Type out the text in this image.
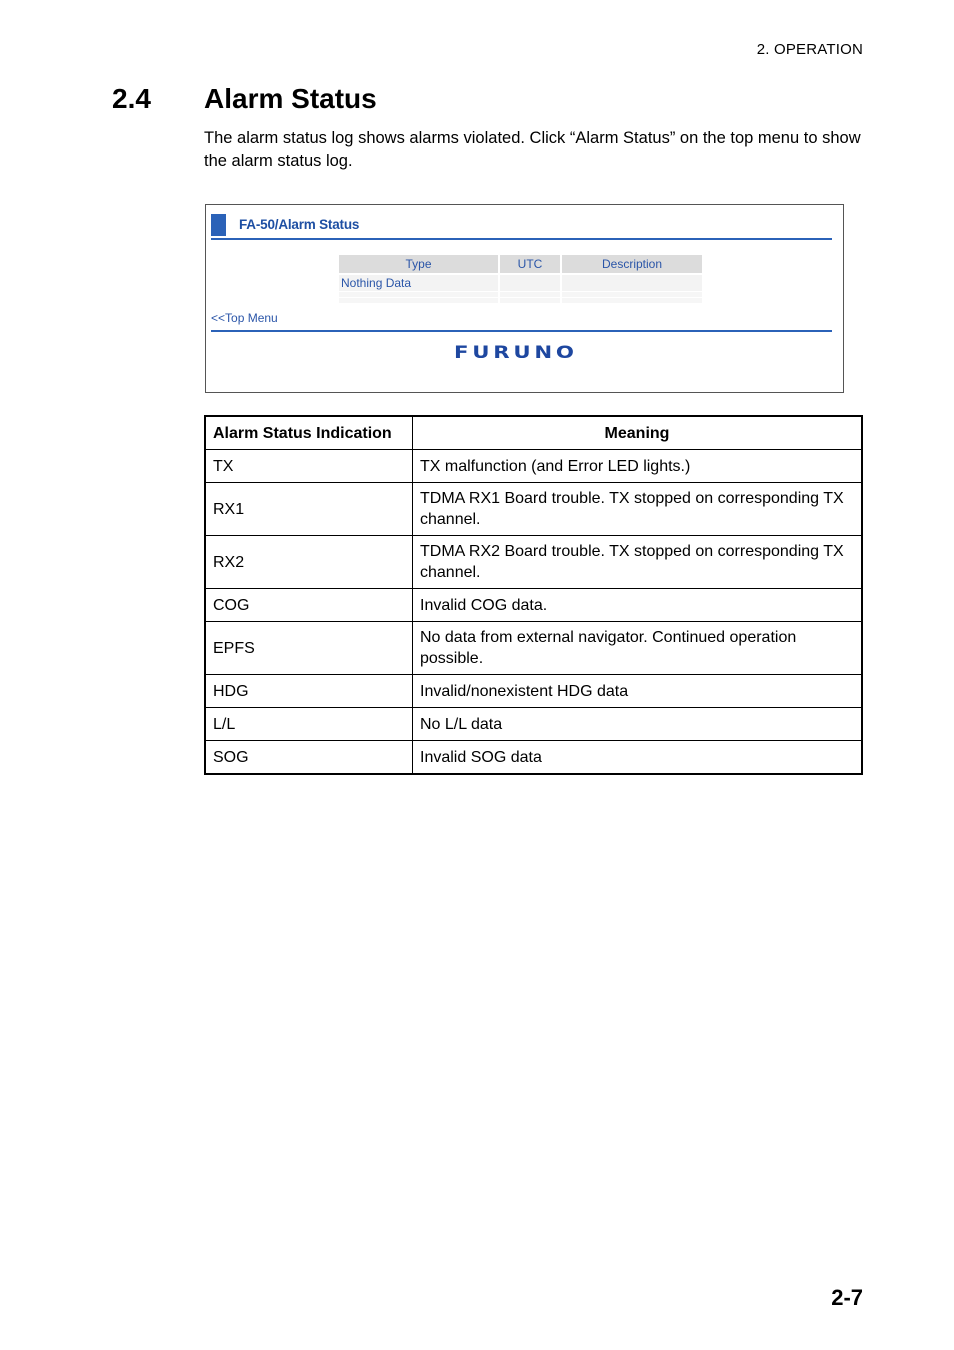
2. OPERATION
2.4 Alarm Status

The alarm status log shows alarms violated. Click “Alarm Status” on the top menu to show the alarm status log.

FA-50/Alarm Status
Type	UTC	Description
Nothing Data		

<<Top Menu
FURUNO
Alarm Status Indication	Meaning
TX	TX malfunction (and Error LED lights.)
RX1	TDMA RX1 Board trouble. TX stopped on corresponding TX channel.
RX2	TDMA RX2 Board trouble. TX stopped on corresponding TX channel.
COG	Invalid COG data.
EPFS	No data from external navigator. Continued operation possible.
HDG	Invalid/nonexistent HDG data
L/L	No L/L data
SOG	Invalid SOG data
2-7
